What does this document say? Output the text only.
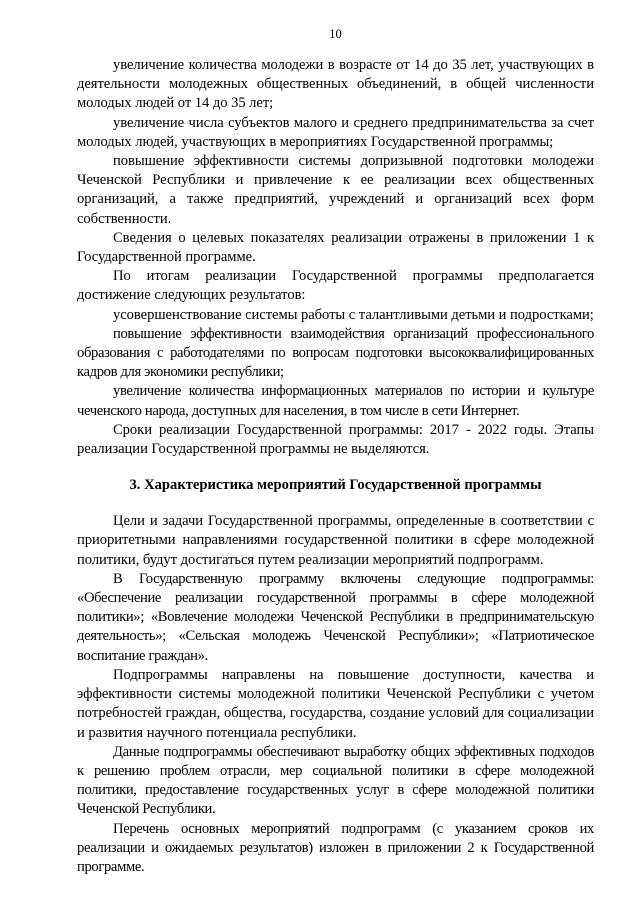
10

увеличение количества молодежи в возрасте от 14 до 35 лет, участвующих в деятельности молодежных общественных объединений, в общей численности молодых людей от 14 до 35 лет;

увеличение числа субъектов малого и среднего предпринимательства за счет молодых людей, участвующих в мероприятиях Государственной программы;

повышение эффективности системы допризывной подготовки молодежи Чеченской Республики и привлечение к ее реализации всех общественных организаций, а также предприятий, учреждений и организаций всех форм собственности.

Сведения о целевых показателях реализации отражены в приложении 1 к Государственной программе.

По итогам реализации Государственной программы предполагается достижение следующих результатов:

усовершенствование системы работы с талантливыми детьми и подростками;

повышение эффективности взаимодействия организаций профессионального образования с работодателями по вопросам подготовки высококвалифицированных кадров для экономики республики;

увеличение количества информационных материалов по истории и культуре чеченского народа, доступных для населения, в том числе в сети Интернет.

Сроки реализации Государственной программы: 2017 - 2022 годы. Этапы реализации Государственной программы не выделяются.

3. Характеристика мероприятий Государственной программы

Цели и задачи Государственной программы, определенные в соответствии с приоритетными направлениями государственной политики в сфере молодежной политики, будут достигаться путем реализации мероприятий подпрограмм.

В Государственную программу включены следующие подпрограммы: «Обеспечение реализации государственной программы в сфере молодежной политики»; «Вовлечение молодежи Чеченской Республики в предпринимательскую деятельность»; «Сельская молодежь Чеченской Республики»; «Патриотическое воспитание граждан».

Подпрограммы направлены на повышение доступности, качества и эффективности системы молодежной политики Чеченской Республики с учетом потребностей граждан, общества, государства, создание условий для социализации и развития научного потенциала республики.

Данные подпрограммы обеспечивают выработку общих эффективных подходов к решению проблем отрасли, мер социальной политики в сфере молодежной политики, предоставление государственных услуг в сфере молодежной политики Чеченской Республики.

Перечень основных мероприятий подпрограмм (с указанием сроков их реализации и ожидаемых результатов) изложен в приложении 2 к Государственной программе.
